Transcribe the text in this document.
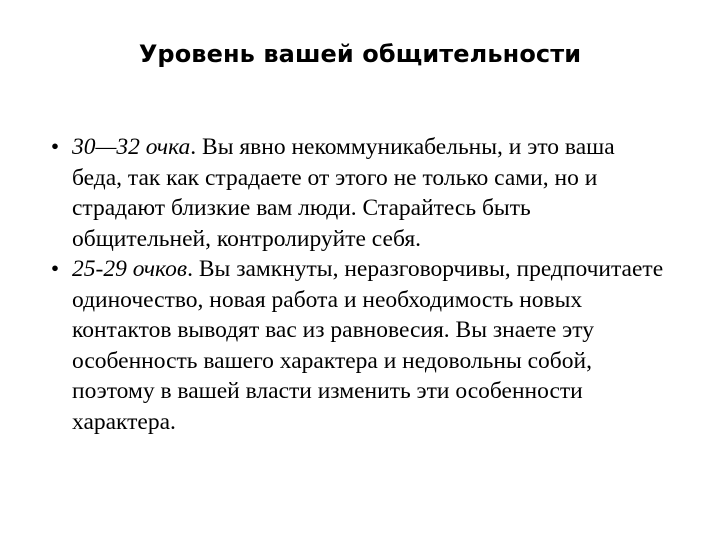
Уровень вашей общительности
• 30—32 очка. Вы явно некоммуникабельны, и это ваша беда, так как страдаете от этого не только сами, но и страдают близкие вам люди. Старайтесь быть общительней, контролируйте себя.
• 25-29 очков. Вы замкнуты, неразговорчивы, предпочитаете одиночество, новая работа и необходимость новых контактов выводят вас из равновесия. Вы знаете эту особенность вашего характера и недовольны собой, поэтому в вашей власти изменить эти особенности характера.
